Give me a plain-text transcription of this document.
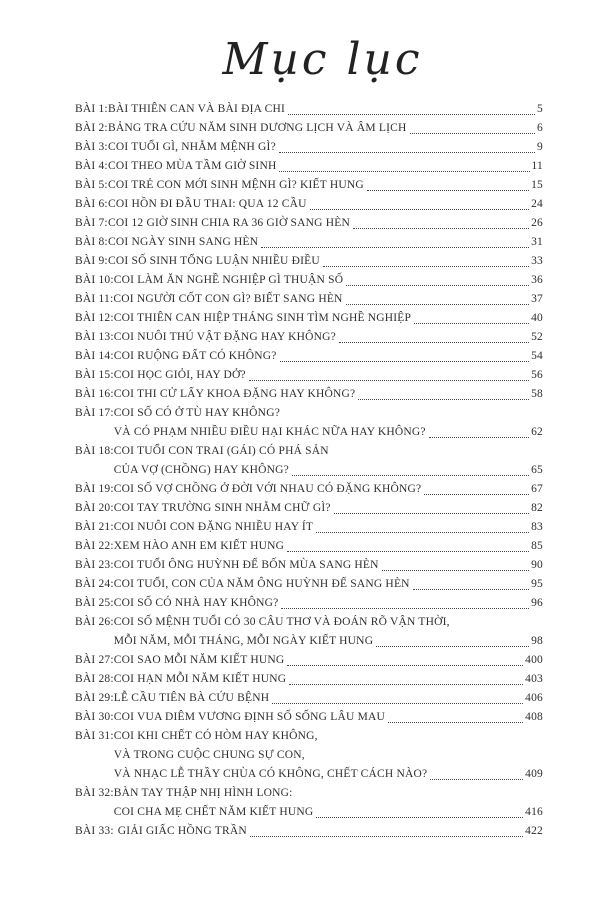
Mục lục
BÀI 1: BÀI THIÊN CAN VÀ BÀI ĐỊA CHI	5
BÀI 2: BẢNG TRA CỨU NĂM SINH DƯƠNG LỊCH VÀ ÂM LỊCH	6
BÀI 3: COI TUỔI GÌ, NHẰM MỆNH GÌ?	9
BÀI 4: COI THEO MÙA TẦM GIỜ SINH	11
BÀI 5: COI TRẺ CON MỚI SINH MỆNH GÌ? KIẾT HUNG	15
BÀI 6: COI HỒN ĐI ĐẦU THAI: QUA 12 CẦU	24
BÀI 7: COI 12 GIỜ SINH CHIA RA 36 GIỜ SANG HÈN	26
BÀI 8: COI NGÀY SINH SANG HÈN	31
BÀI 9: COI SỐ SINH TỔNG LUẬN NHIỀU ĐIỀU	33
BÀI 10: COI LÀM ĂN NGHỀ NGHIỆP GÌ THUẬN SỐ	36
BÀI 11: COI NGƯỜI CỐT CON GÌ? BIẾT SANG HÈN	37
BÀI 12: COI THIÊN CAN HIỆP THÁNG SINH TÌM NGHỀ NGHIỆP	40
BÀI 13: COI NUÔI THÚ VẬT ĐẶNG HAY KHÔNG?	52
BÀI 14: COI RUỘNG ĐẤT CÓ KHÔNG?	54
BÀI 15: COI HỌC GIỎI, HAY DỞ?	56
BÀI 16: COI THI CỬ LẤY KHOA ĐẶNG HAY KHÔNG?	58
BÀI 17: COI SỐ CÓ Ở TÙ HAY KHÔNG?
VÀ CÓ PHẠM NHIỀU ĐIỀU HẠI KHÁC NỮA HAY KHÔNG?	62
BÀI 18: COI TUỔI CON TRAI (GÁI) CÓ PHÁ SẢN
CỦA VỢ (CHỒNG) HAY KHÔNG?	65
BÀI 19: COI SỐ VỢ CHỒNG Ở ĐỜI VỚI NHAU CÓ ĐẶNG KHÔNG?	67
BÀI 20: COI TAY TRƯỜNG SINH NHẰM CHỮ GÌ?	82
BÀI 21: COI NUÔI CON ĐẶNG NHIỀU HAY ÍT	83
BÀI 22: XEM HÀO ANH EM KIẾT HUNG	85
BÀI 23: COI TUỔI ÔNG HUỲNH ĐẾ BỐN MÙA SANG HÈN	90
BÀI 24: COI TUỔI, CON CỦA NĂM ÔNG HUỲNH ĐẾ SANG HÈN	95
BÀI 25: COI SỐ CÓ NHÀ HAY KHÔNG?	96
BÀI 26: COI SỐ MỆNH TUỔI CÓ 30 CÂU THƠ VÀ ĐOÁN RÕ VẬN THỜI,
MỖI NĂM, MỖI THÁNG, MỖI NGÀY KIẾT HUNG	98
BÀI 27: COI SAO MỖI NĂM KIẾT HUNG	400
BÀI 28: COI HẠN MỖI NĂM KIẾT HUNG	403
BÀI 29: LỄ CẦU TIÊN BÀ CỨU BỆNH	406
BÀI 30: COI VUA DIÊM VƯƠNG ĐỊNH SỐ SỐNG LÂU MAU	408
BÀI 31: COI KHI CHẾT CÓ HÒM HAY KHÔNG,
VÀ TRONG CUỘC CHUNG SỰ CON,
VÀ NHẠC LỄ THẦY CHÙA CÓ KHÔNG, CHẾT CÁCH NÀO?	409
BÀI 32: BÀN TAY THẬP NHỊ HÌNH LONG:
COI CHA MẸ CHẾT NĂM KIẾT HUNG	416
BÀI 33: GIẢI GIẤC HỒNG TRẦN	422
